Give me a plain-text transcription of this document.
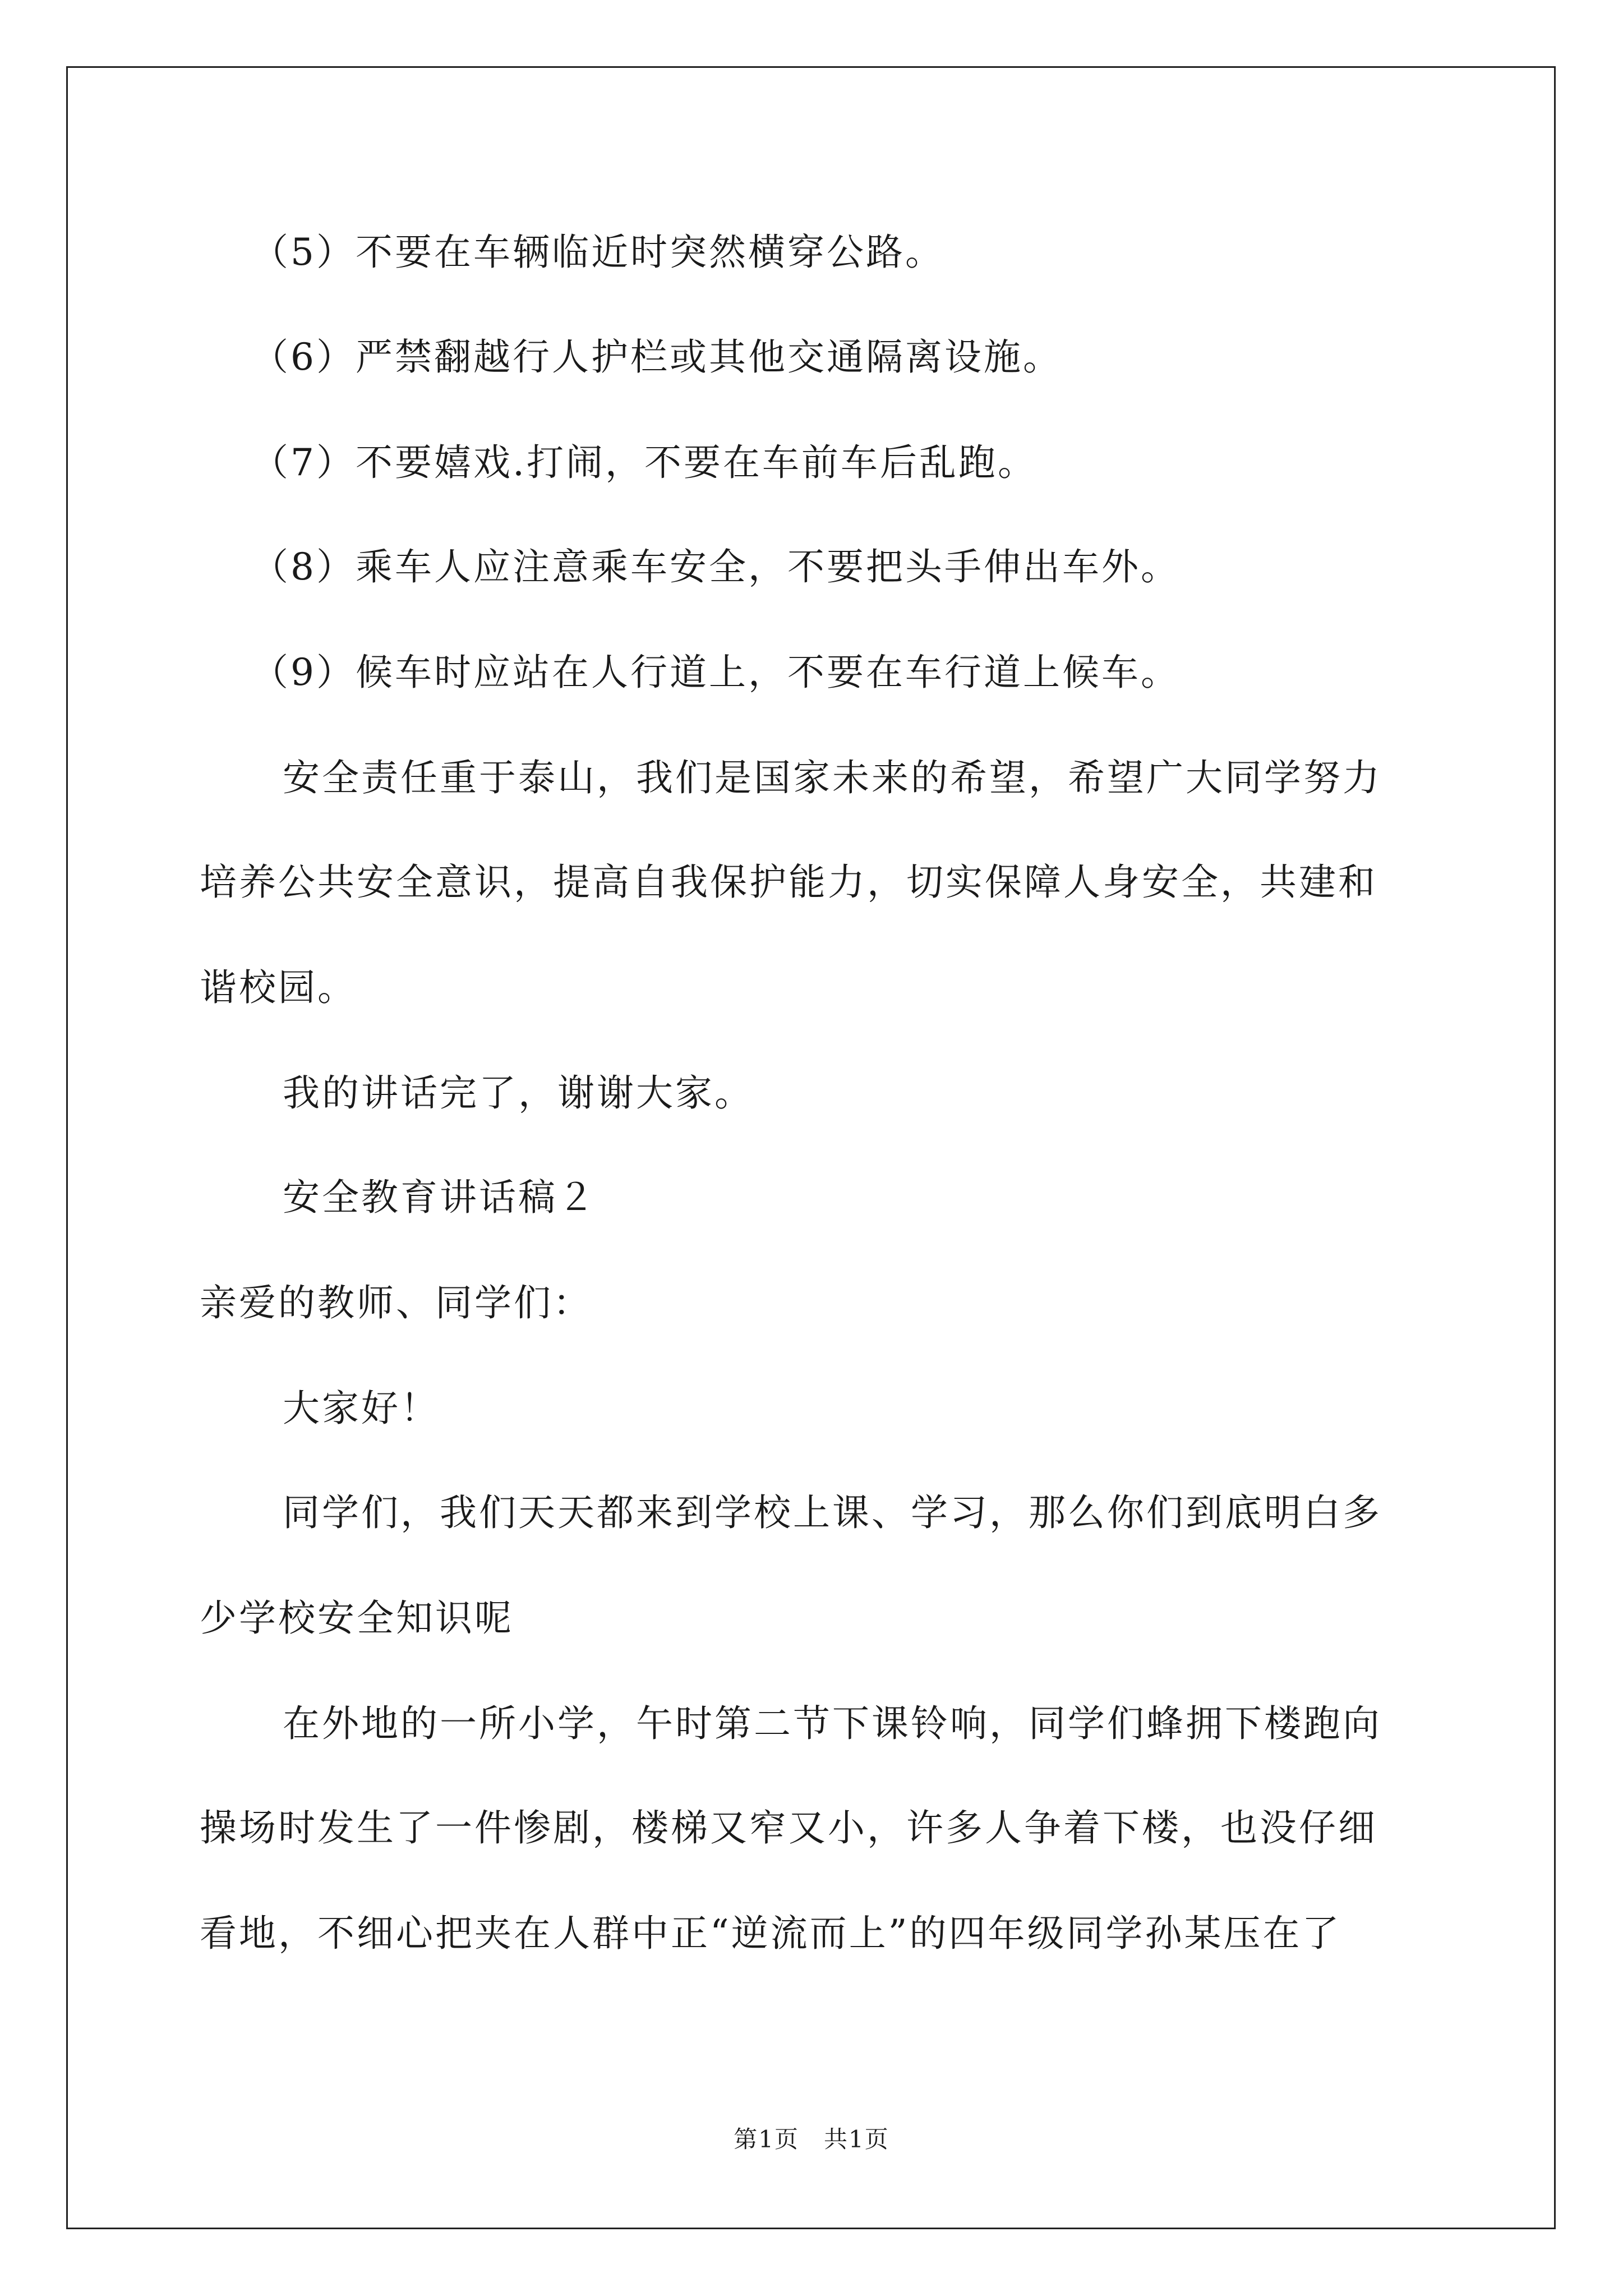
（5）不要在车辆临近时突然横穿公路。
（6）严禁翻越行人护栏或其他交通隔离设施。
（7）不要嬉戏.打闹，不要在车前车后乱跑。
（8）乘车人应注意乘车安全，不要把头手伸出车外。
（9）候车时应站在人行道上，不要在车行道上候车。
安全责任重于泰山，我们是国家未来的希望，希望广大同学努力
培养公共安全意识，提高自我保护能力，切实保障人身安全，共建和
谐校园。
我的讲话完了，谢谢大家。
安全教育讲话稿２
亲爱的教师、同学们：
大家好！
同学们，我们天天都来到学校上课、学习，那么你们到底明白多
少学校安全知识呢
在外地的一所小学，午时第二节下课铃响，同学们蜂拥下楼跑向
操场时发生了一件惨剧，楼梯又窄又小，许多人争着下楼，也没仔细
看地，不细心把夹在人群中正“逆流而上”的四年级同学孙某压在了
第1页　共1页
